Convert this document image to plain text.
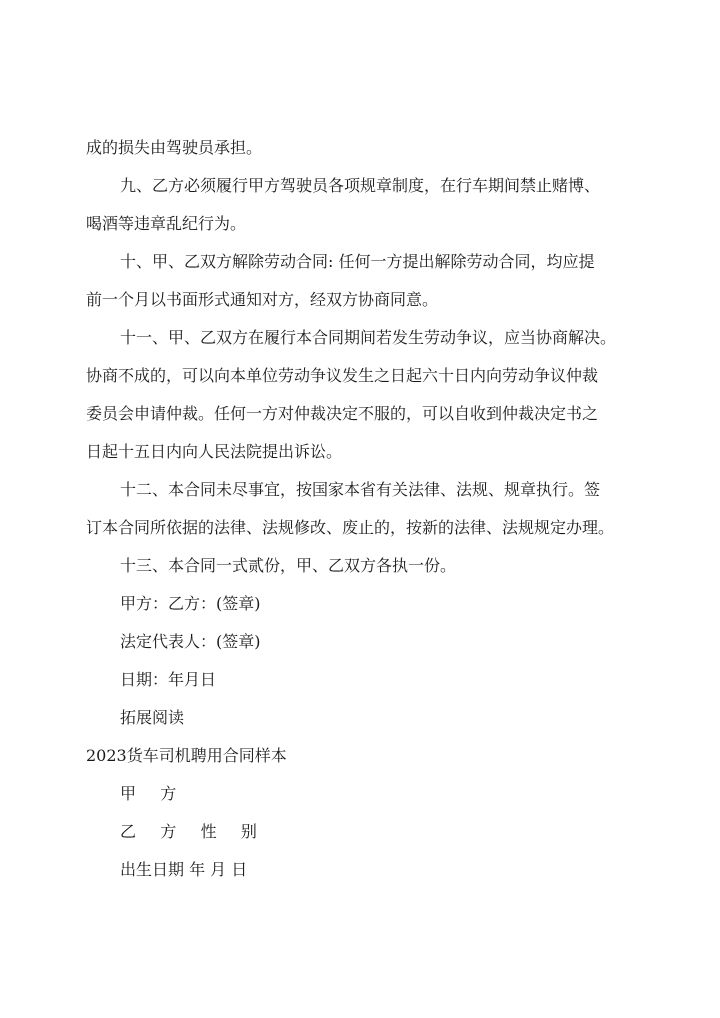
成的损失由驾驶员承担。

九、乙方必须履行甲方驾驶员各项规章制度，在行车期间禁止赌博、
喝酒等违章乱纪行为。

十、甲、乙双方解除劳动合同: 任何一方提出解除劳动合同，均应提
前一个月以书面形式通知对方，经双方协商同意。

十一、甲、乙双方在履行本合同期间若发生劳动争议，应当协商解决。
协商不成的，可以向本单位劳动争议发生之日起六十日内向劳动争议仲裁
委员会申请仲裁。任何一方对仲裁决定不服的，可以自收到仲裁决定书之
日起十五日内向人民法院提出诉讼。

十二、本合同未尽事宜，按国家本省有关法律、法规、规章执行。签
订本合同所依据的法律、法规修改、废止的，按新的法律、法规规定办理。

十三、本合同一式贰份，甲、乙双方各执一份。

甲方：乙方：(签章)

法定代表人：(签章)

日期：年月日

拓展阅读

2023货车司机聘用合同样本

甲 方

乙 方 性 别

出生日期 年 月 日
